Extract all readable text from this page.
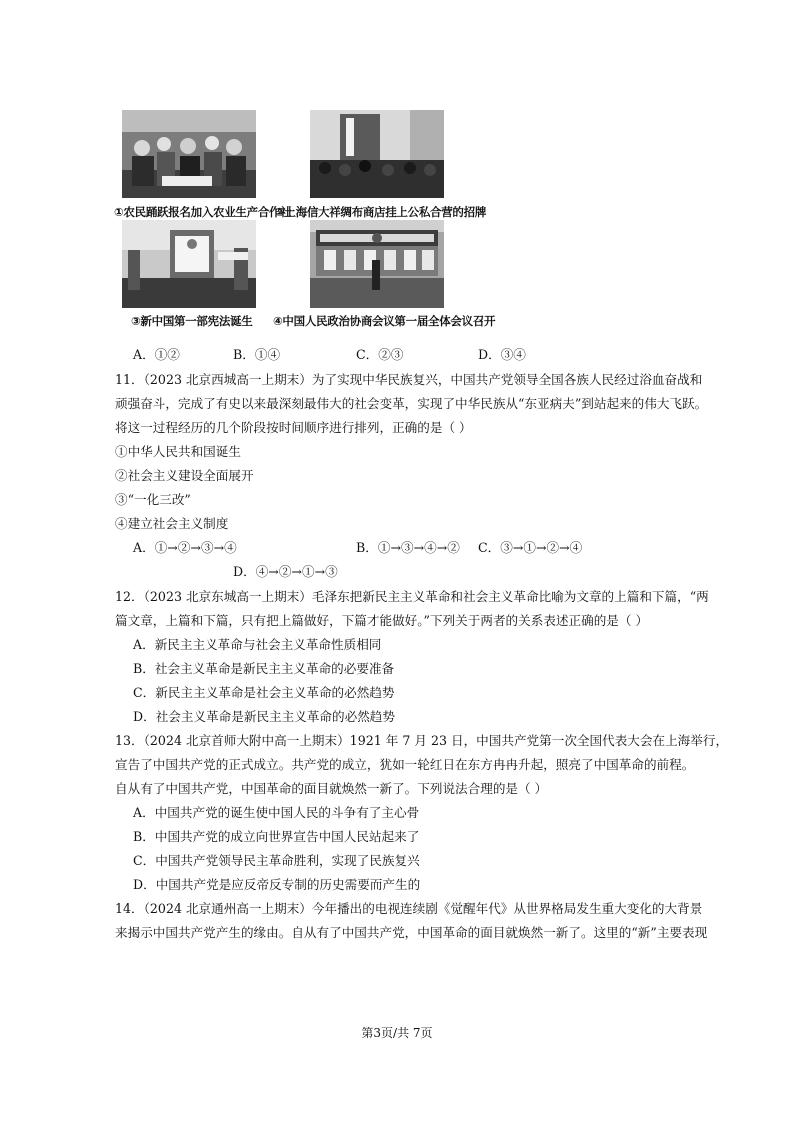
①农民踊跃报名加入农业生产合作社
②上海信大祥绸布商店挂上公私合营的招牌
③新中国第一部宪法诞生 ④中国人民政治协商会议第一届全体会议召开
A．①②	B．①④	C．②③	D．③④
11．（2023 北京西城高一上期末）为了实现中华民族复兴，中国共产党领导全国各族人民经过浴血奋战和
顽强奋斗，完成了有史以来最深刻最伟大的社会变革，实现了中华民族从“东亚病夫”到站起来的伟大飞跃。
将这一过程经历的几个阶段按时间顺序进行排列，正确的是（ ）
①中华人民共和国诞生
②社会主义建设全面展开
③“一化三改”
④建立社会主义制度
A．①→②→③→④	B．①→③→④→② C．③→①→②→④
D．④→②→①→③
12．（2023 北京东城高一上期末）毛泽东把新民主主义革命和社会主义革命比喻为文章的上篇和下篇，“两
篇文章，上篇和下篇，只有把上篇做好，下篇才能做好。”下列关于两者的关系表述正确的是（ ）
A．新民主主义革命与社会主义革命性质相同
B．社会主义革命是新民主主义革命的必要准备
C．新民主主义革命是社会主义革命的必然趋势
D．社会主义革命是新民主主义革命的必然趋势
13．（2024 北京首师大附中高一上期末）1921 年 7 月 23 日，中国共产党第一次全国代表大会在上海举行，
宣告了中国共产党的正式成立。共产党的成立，犹如一轮红日在东方冉冉升起，照亮了中国革命的前程。
自从有了中国共产党，中国革命的面目就焕然一新了。下列说法合理的是（ ）
A．中国共产党的诞生使中国人民的斗争有了主心骨
B．中国共产党的成立向世界宣告中国人民站起来了
C．中国共产党领导民主革命胜利，实现了民族复兴
D．中国共产党是应反帝反专制的历史需要而产生的
14．（2024 北京通州高一上期末）今年播出的电视连续剧《觉醒年代》从世界格局发生重大变化的大背景
来揭示中国共产党产生的缘由。自从有了中国共产党，中国革命的面目就焕然一新了。这里的“新”主要表现
第3页/共 7页
